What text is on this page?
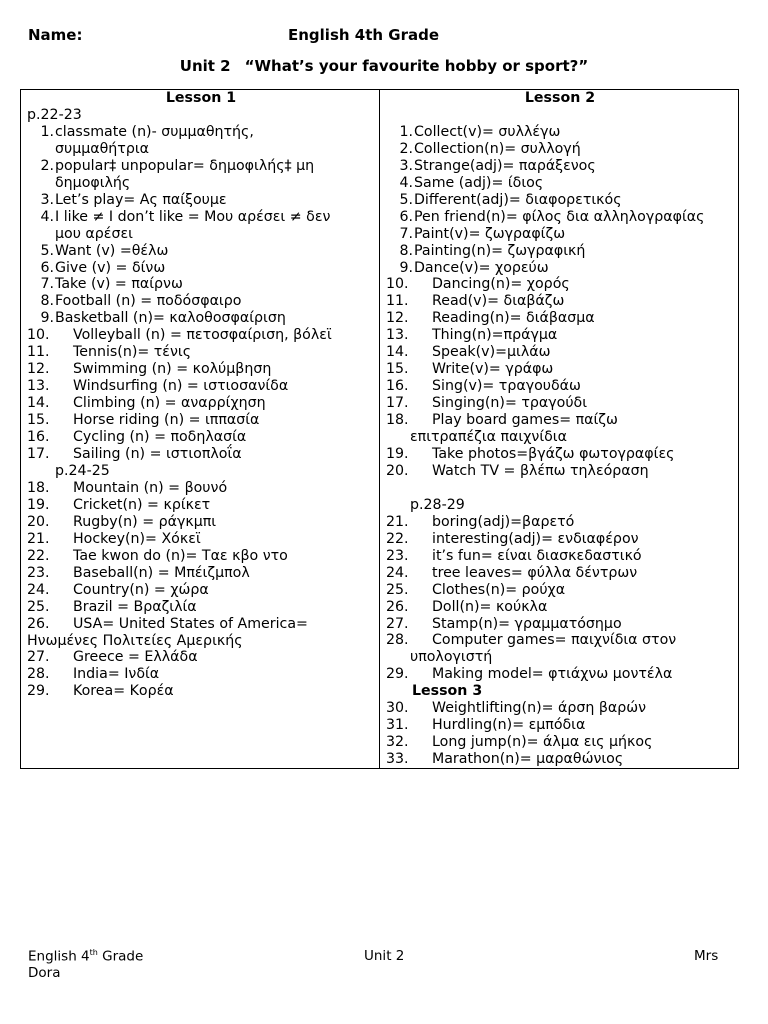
Name:	English 4th Grade
Unit 2 “What’s your favourite hobby or sport?”
Lesson 1
p.22-23
1. classmate (n)- συμμαθητής,
συμμαθήτρια
2. popular‡ unpopular= δημοφιλής‡ μη
δημοφιλής
3. Let’s play= Ας παίξουμε
4. I like ≠ I don’t like = Μου αρέσει ≠ δεν
μου αρέσει
5. Want (v) =θέλω
6. Give (v) = δίνω
7. Take (v) = παίρνω
8. Football (n) = ποδόσφαιρο
9. Basketball (n)= καλοθοσφαίριση
10.	Volleyball (n) = πετοσφαίριση, βόλεϊ
11.	Tennis(n)= τένις
12.	Swimming (n) = κολύμβηση
13.	Windsurfing (n) = ιστιοσανίδα
14.	Climbing (n) = αναρρίχηση
15.	Horse riding (n) = ιππασία
16.	Cycling (n) = ποδηλασία
17.	Sailing (n) = ιστιοπλοΐα
p.24-25
18.	Mountain (n) = βουνό
19.	Cricket(n) = κρίκετ
20.	Rugby(n) = ράγκμπι
21.	Hockey(n)= Χόκεϊ
22.	Tae kwon do (n)= Ταε κβο ντο
23.	Baseball(n) = Μπέιζμπολ
24.	Country(n) = χώρα
25.	Brazil = Βραζιλία
26.	USA= United States of America=
Ηνωμένες Πολιτείες Αμερικής
27.	Greece = Ελλάδα
28.	India= Ινδία
29.	Korea= Κορέα

Lesson 2
1. Collect(v)= συλλέγω
2. Collection(n)= συλλογή
3. Strange(adj)= παράξενος
4. Same (adj)= ίδιος
5. Different(adj)= διαφορετικός
6. Pen friend(n)= φίλος δια αλληλογραφίας
7. Paint(v)= ζωγραφίζω
8. Painting(n)= ζωγραφική
9. Dance(v)= χορεύω
10.	Dancing(n)= χορός
11.	Read(v)= διαβάζω
12.	Reading(n)= διάβασμα
13.	Thing(n)=πράγμα
14.	Speak(v)=μιλάω
15.	Write(v)= γράφω
16.	Sing(v)= τραγουδάω
17.	Singing(n)= τραγούδι
18.	Play board games= παίζω
επιτραπέζια παιχνίδια
19.	Take photos=βγάζω φωτογραφίες
20.	Watch TV = βλέπω τηλεόραση
p.28-29
21.	boring(adj)=βαρετό
22.	interesting(adj)= ενδιαφέρον
23.	it’s fun= είναι διασκεδαστικό
24.	tree leaves= φύλλα δέντρων
25.	Clothes(n)= ρούχα
26.	Doll(n)= κούκλα
27.	Stamp(n)= γραμματόσημο
28.	Computer games= παιχνίδια στον
υπολογιστή
29.	Making model= φτιάχνω μοντέλα
Lesson 3
30.	Weightlifting(n)= άρση βαρών
31.	Hurdling(n)= εμπόδια
32.	Long jump(n)= άλμα εις μήκος
33.	Marathon(n)= μαραθώνιος
English 4th Grade	Unit 2	Mrs
Dora
